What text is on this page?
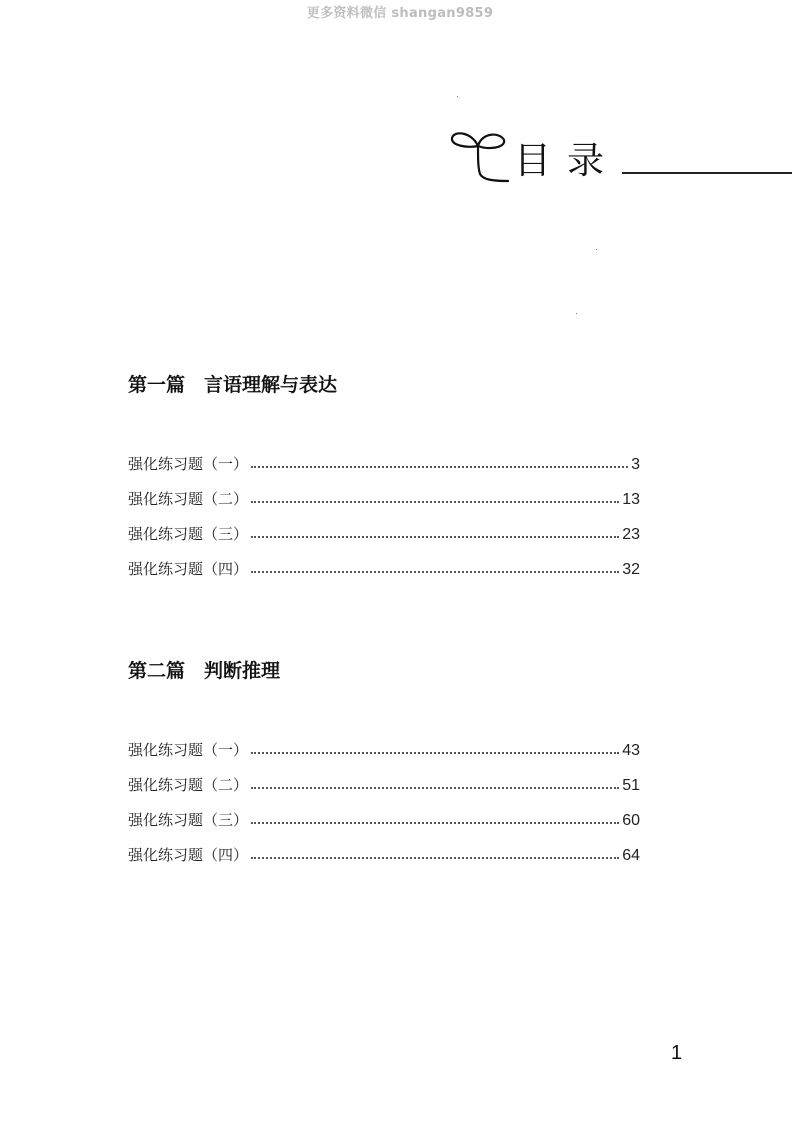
更多资料微信 shangan9859
目录
第一篇　言语理解与表达
强化练习题（一）	3
强化练习题（二）	13
强化练习题（三）	23
强化练习题（四）	32
第二篇　判断推理
强化练习题（一）	43
强化练习题（二）	51
强化练习题（三）	60
强化练习题（四）	64
1
